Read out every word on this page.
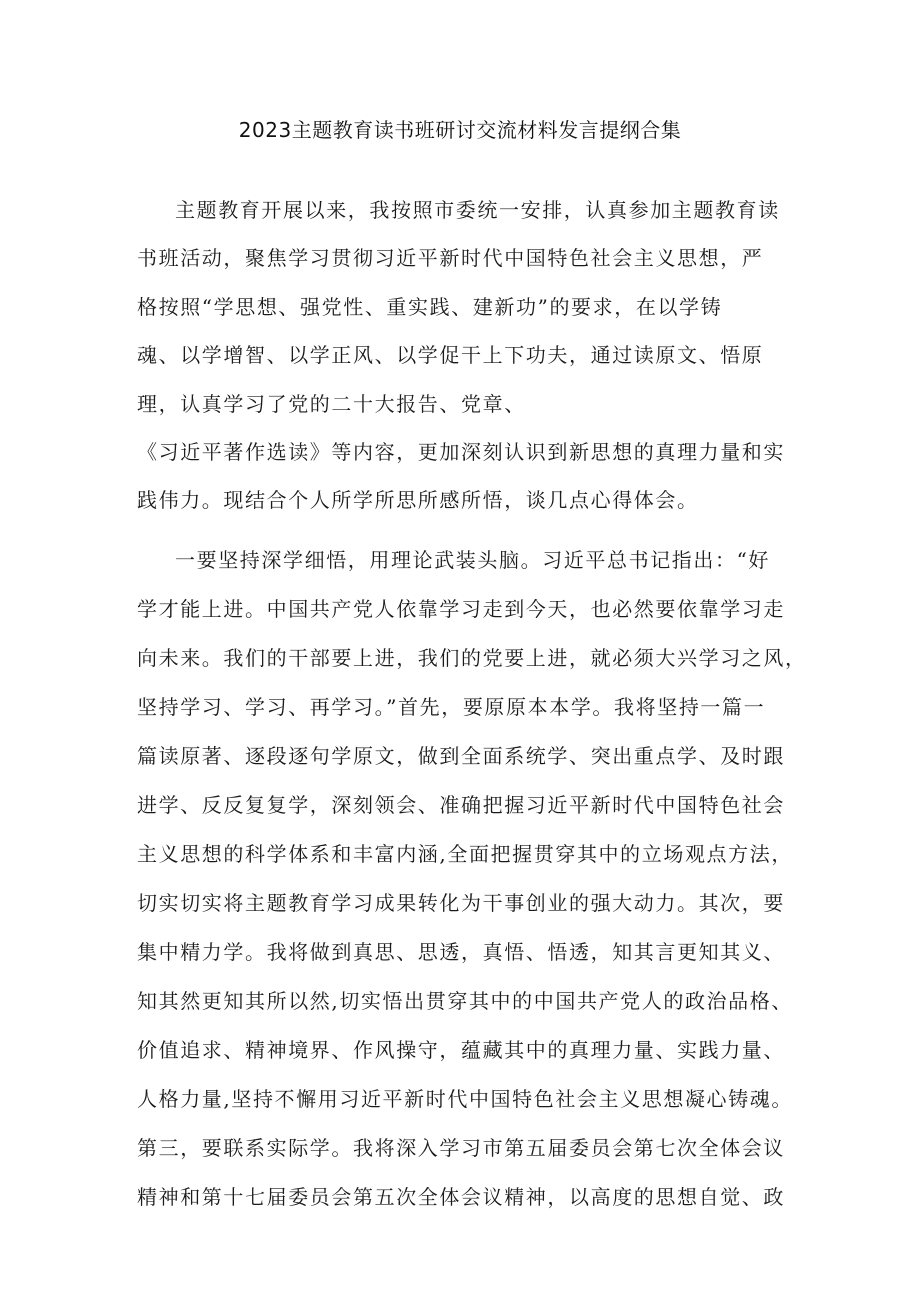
2023主题教育读书班研讨交流材料发言提纲合集
主题教育开展以来，我按照市委统一安排，认真参加主题教育读
书班活动，聚焦学习贯彻习近平新时代中国特色社会主义思想，严
格按照“学思想、强党性、重实践、建新功”的要求，在以学铸
魂、以学增智、以学正风、以学促干上下功夫，通过读原文、悟原
理，认真学习了党的二十大报告、党章、
《习近平著作选读》等内容，更加深刻认识到新思想的真理力量和实
践伟力。现结合个人所学所思所感所悟，谈几点心得体会。
一要坚持深学细悟，用理论武装头脑。习近平总书记指出：“好
学才能上进。中国共产党人依靠学习走到今天，也必然要依靠学习走
向未来。我们的干部要上进，我们的党要上进，就必须大兴学习之风，
坚持学习、学习、再学习。”首先，要原原本本学。我将坚持一篇一
篇读原著、逐段逐句学原文，做到全面系统学、突出重点学、及时跟
进学、反反复复学，深刻领会、准确把握习近平新时代中国特色社会
主义思想的科学体系和丰富内涵,全面把握贯穿其中的立场观点方法，
切实切实将主题教育学习成果转化为干事创业的强大动力。其次，要
集中精力学。我将做到真思、思透，真悟、悟透，知其言更知其义、
知其然更知其所以然,切实悟出贯穿其中的中国共产党人的政治品格、
价值追求、精神境界、作风操守，蕴藏其中的真理力量、实践力量、
人格力量,坚持不懈用习近平新时代中国特色社会主义思想凝心铸魂。
第三，要联系实际学。我将深入学习市第五届委员会第七次全体会议
精神和第十七届委员会第五次全体会议精神，以高度的思想自觉、政
